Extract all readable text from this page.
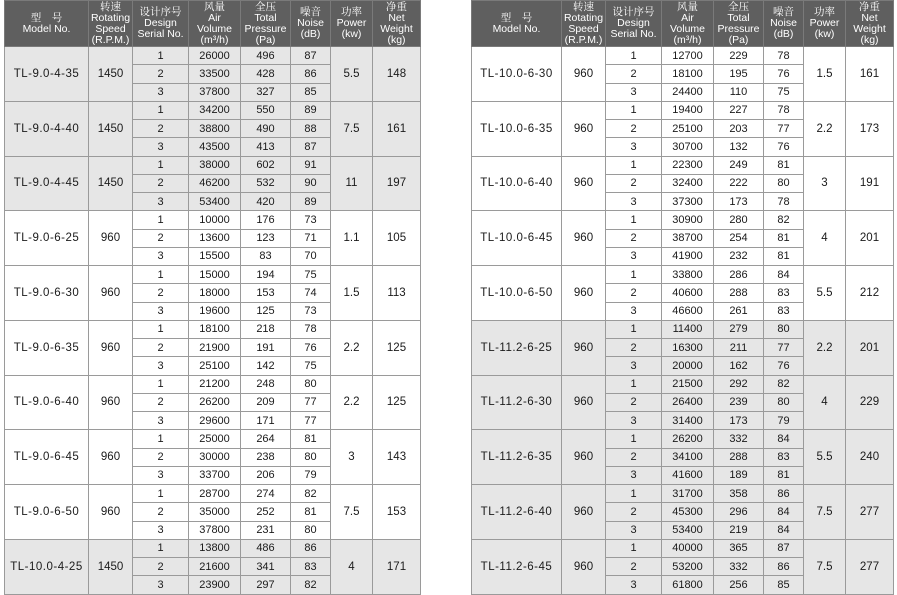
型　号
Model No.	转速
Rotating
Speed
(R.P.M.)	设计序号
Design
Serial No.	风量
Air
Volume
(m³/h)	全压
Total
Pressure
(Pa)	噪音
Noise
(dB)	功率
Power
(kw)	净重
Net
Weight
(kg)

TL-9.0-4-35	1450	1	26000	496	87	5.5	148
		2	33500	428	86		
		3	37800	327	85		
TL-9.0-4-40	1450	1	34200	550	89	7.5	161
		2	38800	490	88		
		3	43500	413	87		
TL-9.0-4-45	1450	1	38000	602	91	11	197
		2	46200	532	90		
		3	53400	420	89		
TL-9.0-6-25	960	1	10000	176	73	1.1	105
		2	13600	123	71		
		3	15500	83	70		
TL-9.0-6-30	960	1	15000	194	75	1.5	113
		2	18000	153	74		
		3	19600	125	73		
TL-9.0-6-35	960	1	18100	218	78	2.2	125
		2	21900	191	76		
		3	25100	142	75		
TL-9.0-6-40	960	1	21200	248	80	2.2	125
		2	26200	209	77		
		3	29600	171	77		
TL-9.0-6-45	960	1	25000	264	81	3	143
		2	30000	238	80		
		3	33700	206	79		
TL-9.0-6-50	960	1	28700	274	82	7.5	153
		2	35000	252	81		
		3	37800	231	80		
TL-10.0-4-25	1450	1	13800	486	86	4	171
		2	21600	341	83		
		3	23900	297	82		
型　号
Model No.	转速
Rotating
Speed
(R.P.M.)	设计序号
Design
Serial No.	风量
Air
Volume
(m³/h)	全压
Total
Pressure
(Pa)	噪音
Noise
(dB)	功率
Power
(kw)	净重
Net
Weight
(kg)

TL-10.0-6-30	960	1	12700	229	78	1.5	161
		2	18100	195	76		
		3	24400	110	75		
TL-10.0-6-35	960	1	19400	227	78	2.2	173
		2	25100	203	77		
		3	30700	132	76		
TL-10.0-6-40	960	1	22300	249	81	3	191
		2	32400	222	80		
		3	37300	173	78		
TL-10.0-6-45	960	1	30900	280	82	4	201
		2	38700	254	81		
		3	41900	232	81		
TL-10.0-6-50	960	1	33800	286	84	5.5	212
		2	40600	288	83		
		3	46600	261	83		
TL-11.2-6-25	960	1	11400	279	80	2.2	201
		2	16300	211	77		
		3	20000	162	76		
TL-11.2-6-30	960	1	21500	292	82	4	229
		2	26400	239	80		
		3	31400	173	79		
TL-11.2-6-35	960	1	26200	332	84	5.5	240
		2	34100	288	83		
		3	41600	189	81		
TL-11.2-6-40	960	1	31700	358	86	7.5	277
		2	45300	296	84		
		3	53400	219	84		
TL-11.2-6-45	960	1	40000	365	87	7.5	277
		2	53200	332	86		
		3	61800	256	85		
